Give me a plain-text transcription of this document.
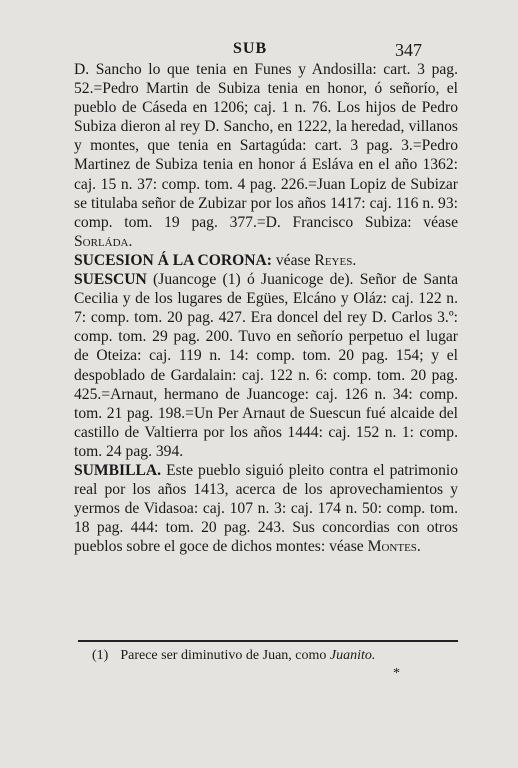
SUB	347

D. Sancho lo que tenia en Funes y Andosilla: cart. 3 pag. 52.=Pedro Martin de Subiza tenia en honor, ó señorío, el pueblo de Cáseda en 1206; caj. 1 n. 76. Los hijos de Pedro Subiza dieron al rey D. Sancho, en 1222, la heredad, villanos y montes, que tenia en Sartagúda: cart. 3 pag. 3.=Pedro Martinez de Subiza tenia en honor á Esláva en el año 1362: caj. 15 n. 37: comp. tom. 4 pag. 226.=Juan Lopiz de Subizar se titulaba señor de Zubizar por los años 1417: caj. 116 n. 93: comp. tom. 19 pag. 377.=D. Francisco Subiza: véase Sorláda.

SUCESION Á LA CORONA: véase Reyes.

SUESCUN (Juancoge (1) ó Juanicoge de). Señor de Santa Cecilia y de los lugares de Egües, Elcáno y Oláz: caj. 122 n. 7: comp. tom. 20 pag. 427. Era doncel del rey D. Carlos 3.º: comp. tom. 29 pag. 200. Tuvo en señorío perpetuo el lugar de Oteiza: caj. 119 n. 14: comp. tom. 20 pag. 154; y el despoblado de Gardalain: caj. 122 n. 6: comp. tom. 20 pag. 425.=Arnaut, hermano de Juancoge: caj. 126 n. 34: comp. tom. 21 pag. 198.=Un Per Arnaut de Suescun fué alcaide del castillo de Valtierra por los años 1444: caj. 152 n. 1: comp. tom. 24 pag. 394.

SUMBILLA. Este pueblo siguió pleito contra el patrimonio real por los años 1413, acerca de los aprovechamientos y yermos de Vidasoa: caj. 107 n. 3: caj. 174 n. 50: comp. tom. 18 pag. 444: tom. 20 pag. 243. Sus concordias con otros pueblos sobre el goce de dichos montes: véase Montes.

(1) Parece ser diminutivo de Juan, como Juanito.
*
